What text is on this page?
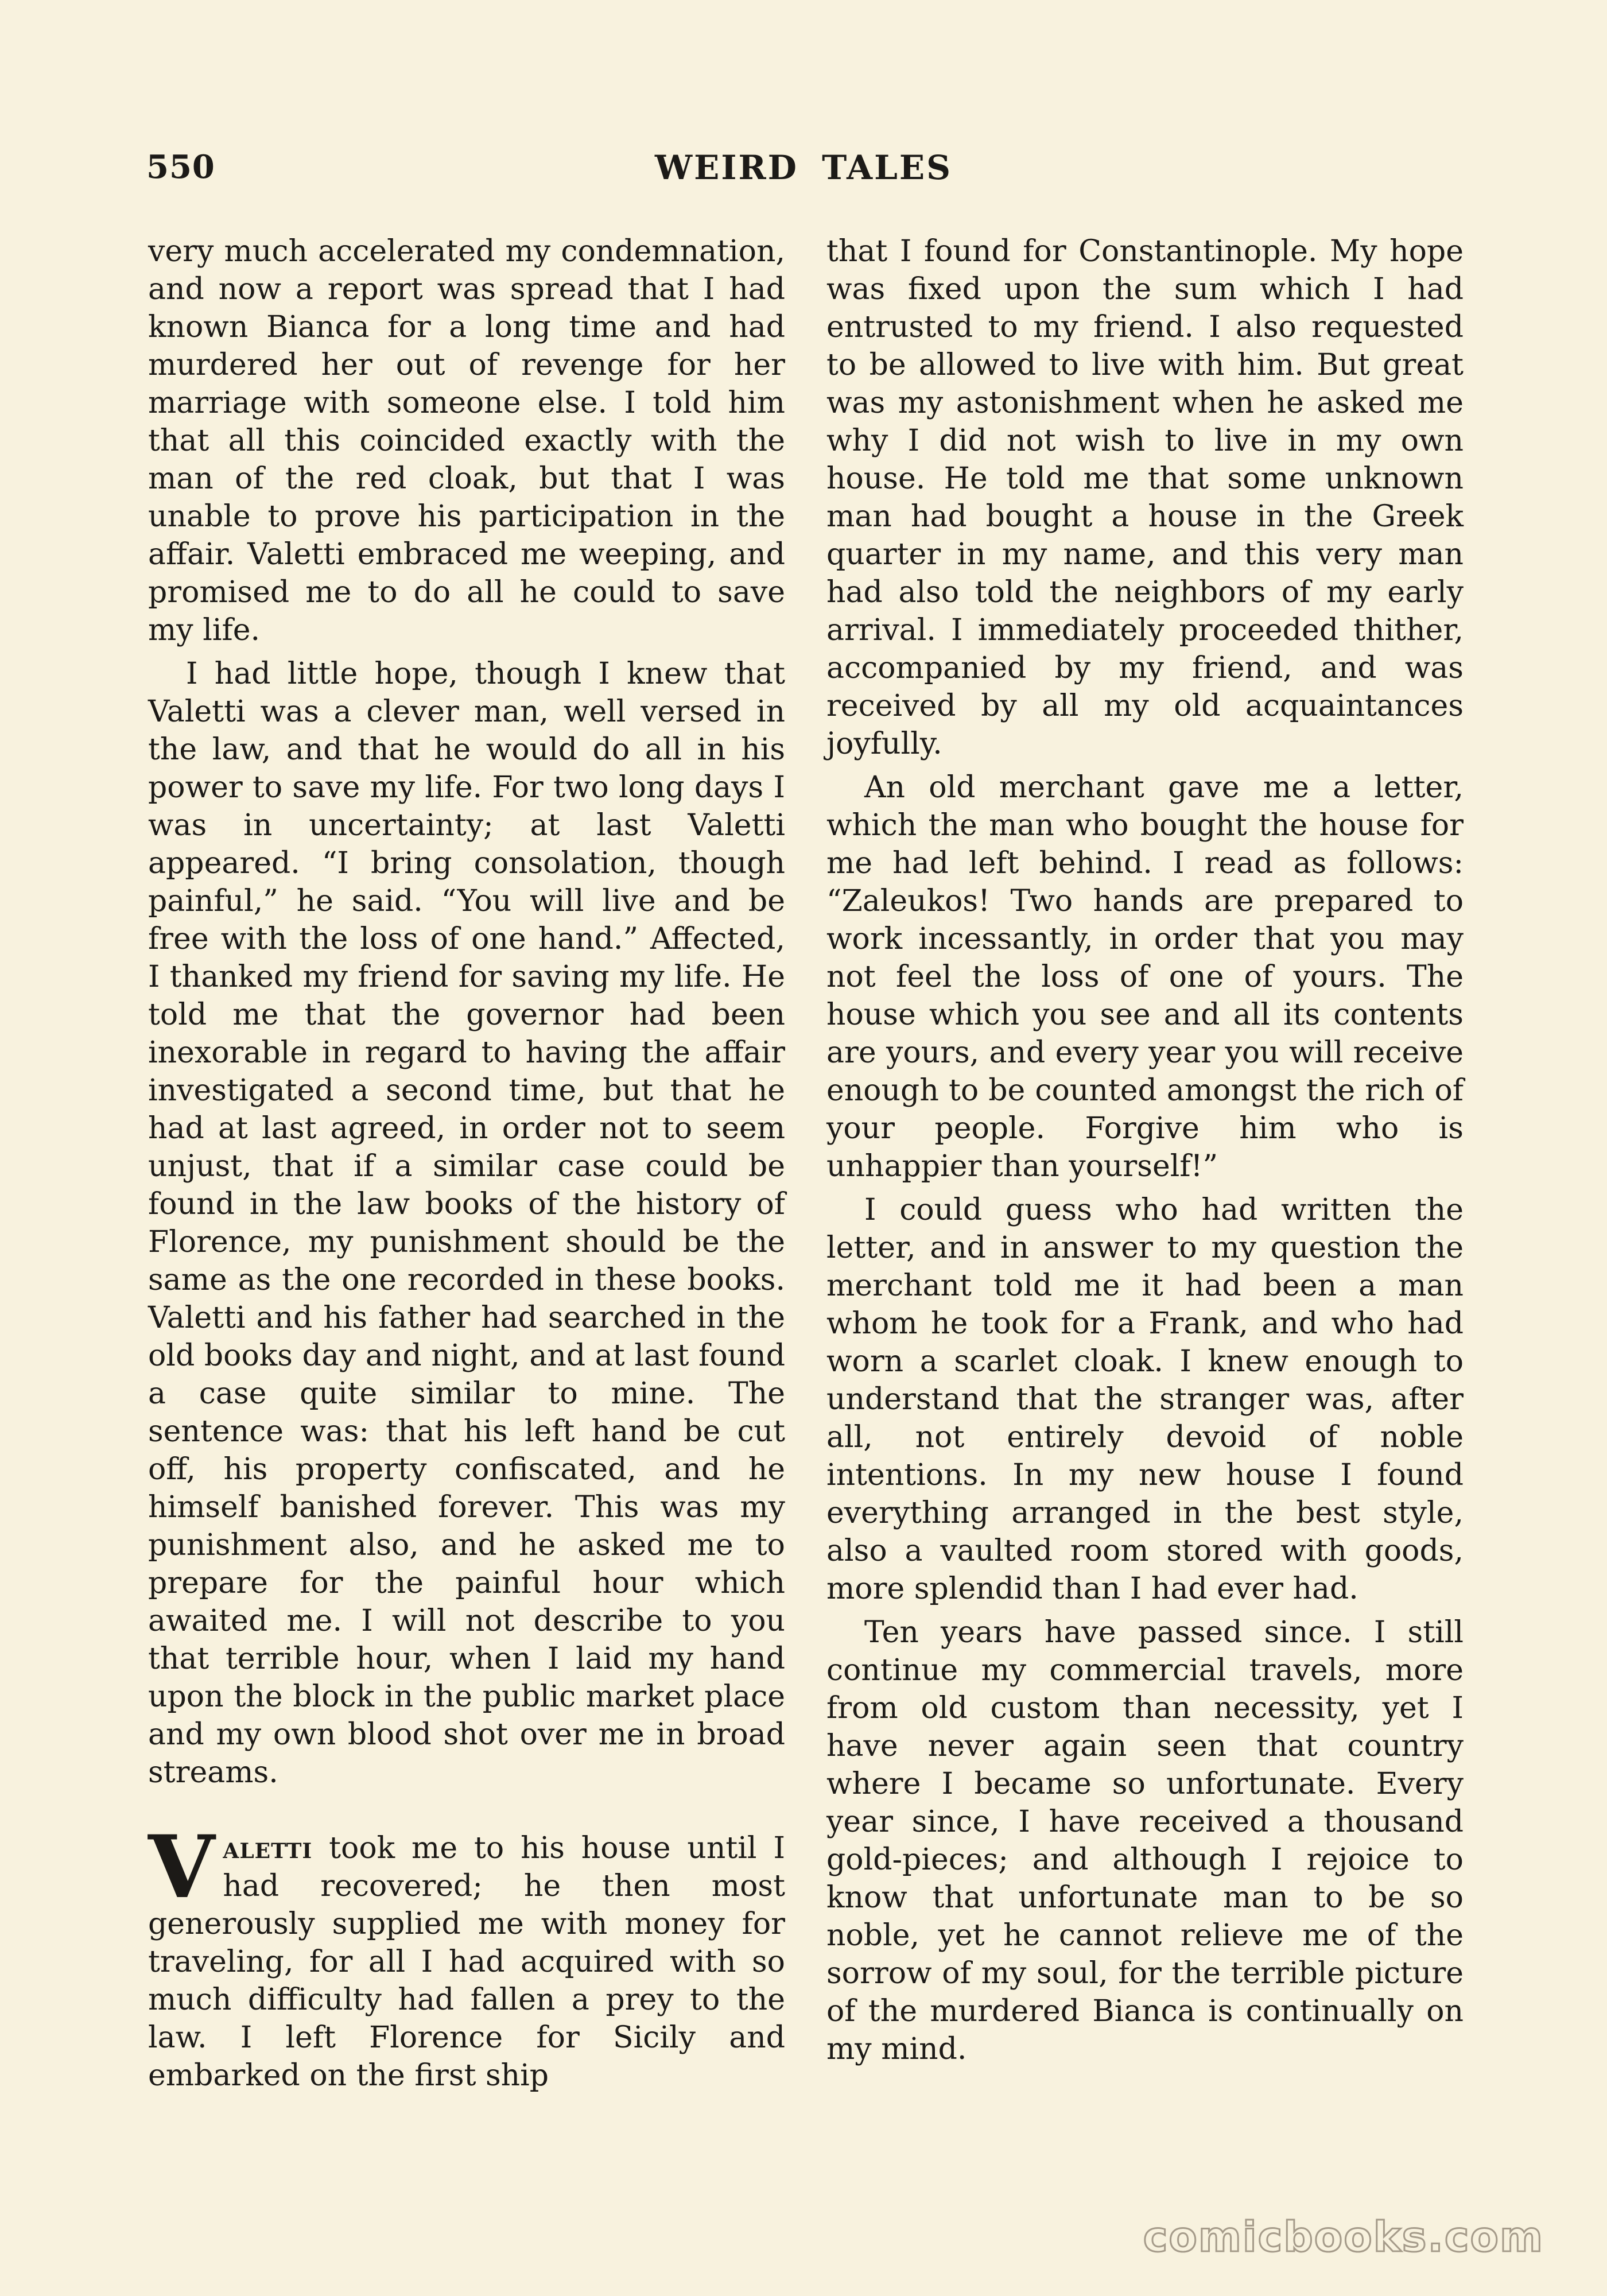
550	WEIRD TALES

very much accelerated my condemnation, and now a report was spread that I had known Bianca for a long time and had murdered her out of revenge for her marriage with someone else. I told him that all this coincided exactly with the man of the red cloak, but that I was unable to prove his participation in the affair. Valetti embraced me weeping, and promised me to do all he could to save my life.

I had little hope, though I knew that Valetti was a clever man, well versed in the law, and that he would do all in his power to save my life. For two long days I was in uncertainty; at last Valetti appeared. “I bring consolation, though painful,” he said. “You will live and be free with the loss of one hand.” Affected, I thanked my friend for saving my life. He told me that the governor had been inexorable in regard to having the affair investigated a second time, but that he had at last agreed, in order not to seem unjust, that if a similar case could be found in the law books of the history of Florence, my punishment should be the same as the one recorded in these books. Valetti and his father had searched in the old books day and night, and at last found a case quite similar to mine. The sentence was: that his left hand be cut off, his property confiscated, and he himself banished forever. This was my punishment also, and he asked me to prepare for the painful hour which awaited me. I will not describe to you that terrible hour, when I laid my hand upon the block in the public market place and my own blood shot over me in broad streams.

Valetti took me to his house until I had recovered; he then most generously supplied me with money for traveling, for all I had acquired with so much difficulty had fallen a prey to the law. I left Florence for Sicily and embarked on the first ship

that I found for Constantinople. My hope was fixed upon the sum which I had entrusted to my friend. I also requested to be allowed to live with him. But great was my astonishment when he asked me why I did not wish to live in my own house. He told me that some unknown man had bought a house in the Greek quarter in my name, and this very man had also told the neighbors of my early arrival. I immediately proceeded thither, accompanied by my friend, and was received by all my old acquaintances joyfully.

An old merchant gave me a letter, which the man who bought the house for me had left behind. I read as follows: “Zaleukos! Two hands are prepared to work incessantly, in order that you may not feel the loss of one of yours. The house which you see and all its contents are yours, and every year you will receive enough to be counted amongst the rich of your people. Forgive him who is unhappier than yourself!”

I could guess who had written the letter, and in answer to my question the merchant told me it had been a man whom he took for a Frank, and who had worn a scarlet cloak. I knew enough to understand that the stranger was, after all, not entirely devoid of noble intentions. In my new house I found everything arranged in the best style, also a vaulted room stored with goods, more splendid than I had ever had.

Ten years have passed since. I still continue my commercial travels, more from old custom than necessity, yet I have never again seen that country where I became so unfortunate. Every year since, I have received a thousand gold-pieces; and although I rejoice to know that unfortunate man to be so noble, yet he cannot relieve me of the sorrow of my soul, for the terrible picture of the murdered Bianca is continually on my mind.

comicbooks.com
